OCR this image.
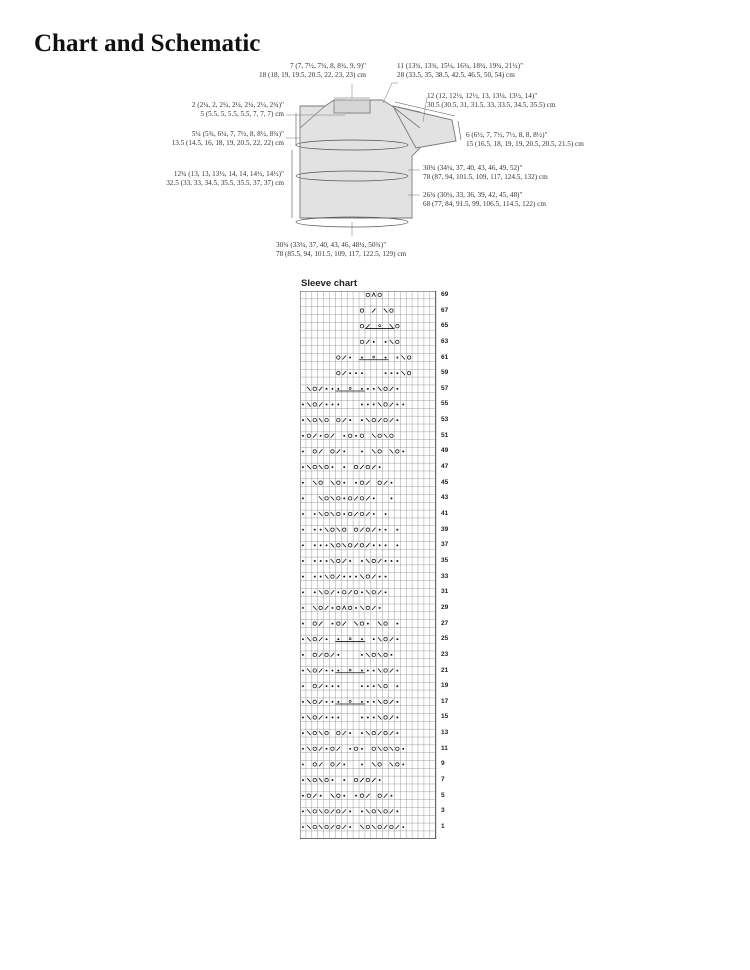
Chart and Schematic
7 (7, 7½, 7¾, 8, 8¾, 9, 9)"
18 (18, 19, 19.5, 20.5, 22, 23, 23) cm
11 (13¾, 13¾, 15¼, 16¾, 18¼, 19¾, 21¼)"
28 (33.5, 35, 38.5, 42.5, 46.5, 50, 54) cm
12 (12, 12½, 12½, 13, 13¼, 13½, 14)"
30.5 (30.5, 31, 31.5, 33, 33.5, 34.5, 35.5) cm
6 (6½, 7, 7½, 7½, 8, 8, 8½)"
15 (16.5, 18, 19, 19, 20.5, 20.5, 21.5) cm
2 (2¼, 2, 2¼, 2¼, 2¼, 2¼, 2¾)"
5 (5.5, 5, 5.5, 5.5, 7, 7, 7) cm
5¼ (5¾, 6¼, 7, 7½, 8, 8½, 8¾)"
13.5 (14.5, 16, 18, 19, 20.5, 22, 22) cm
12¾ (13, 13, 13½, 14, 14, 14½, 14½)"
32.5 (33, 33, 34.5, 35.5, 35.5, 37, 37) cm
30¾ (34¼, 37, 40, 43, 46, 49, 52)"
78 (87, 94, 101.5, 109, 117, 124.5, 132) cm
26¾ (30¼, 33, 36, 39, 42, 45, 48)"
68 (77, 84, 91.5, 99, 106.5, 114.5, 122) cm
30¾ (33¾, 37, 40, 43, 46, 48¼, 50¾)"
78 (85.5, 94, 101.5, 109, 117, 122.5, 129) cm
Sleeve chart
69
67
65
63
61
59
57
55
53
51
49
47
45
43
41
39
37
35
33
31
29
27
25
23
21
19
17
15
13
11
9
7
5
3
1
